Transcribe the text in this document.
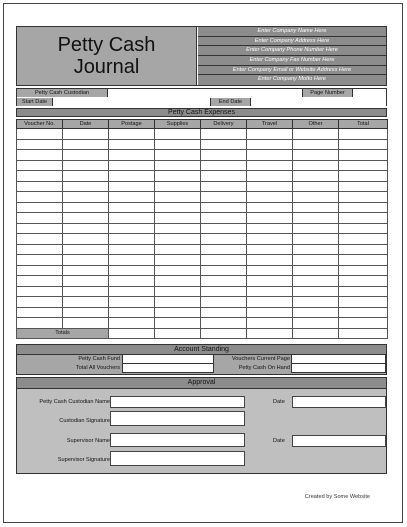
Petty Cash
Journal
Enter Company Name Here
Enter Company Address Here
Enter Company Phone Number Here
Enter Company Fax Number Here
Enter Company Email or Website Address Here
Enter Company Motto Here
Petty Cash Custodian	Page Number
Start Date	End Date
Petty Cash Expenses
Voucher No.	Date	Postage	Supplies	Delivery	Travel	Other	Total

Totals							
Account Standing
Petty Cash Fund	Vouchers Current Page
Total All Vouchers	Petty Cash On Hand
Approval
Petty Cash Custodian Name	Date
Custodian Signature
Supervisor Name	Date
Supervisor Signature
Created by Some Website
